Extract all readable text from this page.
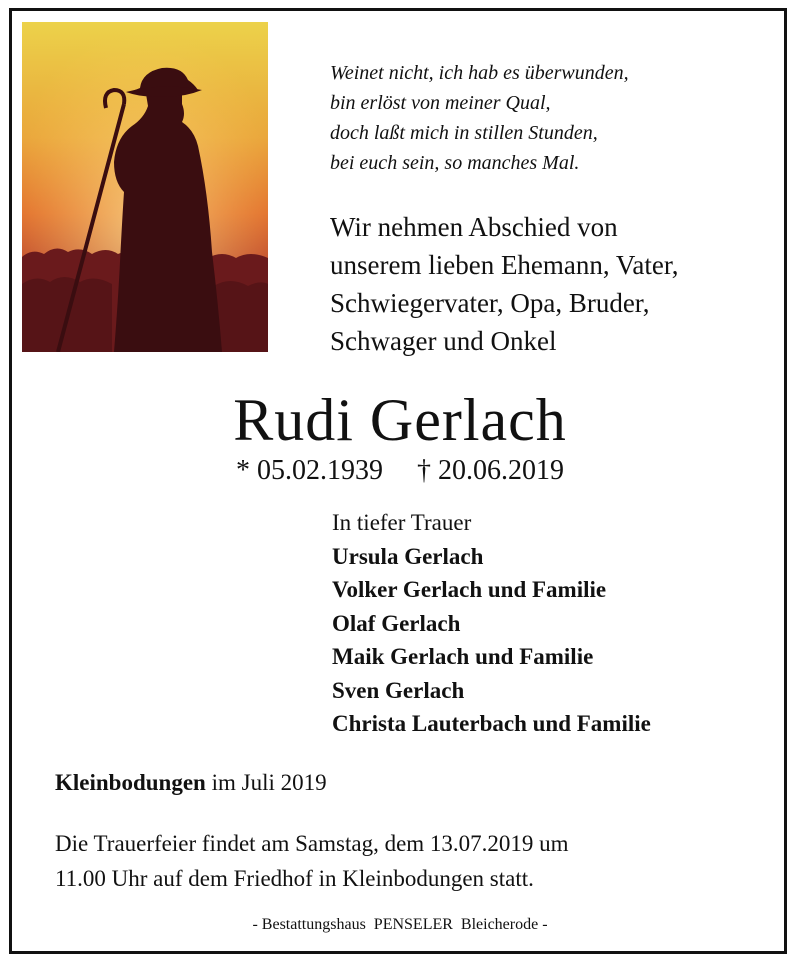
Weinet nicht, ich hab es überwunden,
bin erlöst von meiner Qual,
doch laßt mich in stillen Stunden,
bei euch sein, so manches Mal.
Wir nehmen Abschied von
unserem lieben Ehemann, Vater,
Schwiegervater, Opa, Bruder,
Schwager und Onkel
Rudi Gerlach
* 05.02.1939 † 20.06.2019
In tiefer Trauer
Ursula Gerlach
Volker Gerlach und Familie
Olaf Gerlach
Maik Gerlach und Familie
Sven Gerlach
Christa Lauterbach und Familie
Kleinbodungen im Juli 2019
Die Trauerfeier findet am Samstag, dem 13.07.2019 um
11.00 Uhr auf dem Friedhof in Kleinbodungen statt.
- Bestattungshaus  PENSELER  Bleicherode -
